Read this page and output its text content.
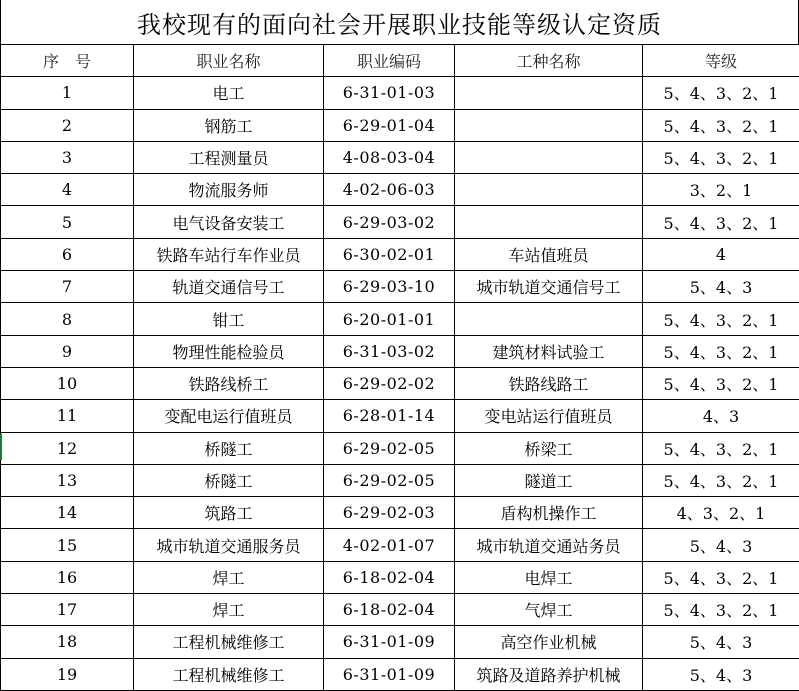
我校现有的面向社会开展职业技能等级认定资质
序　号	职业名称	职业编码	工种名称	等级
1	电工	6-31-01-03		5、4、3、2、1
2	钢筋工	6-29-01-04		5、4、3、2、1
3	工程测量员	4-08-03-04		5、4、3、2、1
4	物流服务师	4-02-06-03		3、2、1
5	电气设备安装工	6-29-03-02		5、4、3、2、1
6	铁路车站行车作业员	6-30-02-01	车站值班员	4
7	轨道交通信号工	6-29-03-10	城市轨道交通信号工	5、4、3
8	钳工	6-20-01-01		5、4、3、2、1
9	物理性能检验员	6-31-03-02	建筑材料试验工	5、4、3、2、1
10	铁路线桥工	6-29-02-02	铁路线路工	5、4、3、2、1
11	变配电运行值班员	6-28-01-14	变电站运行值班员	4、3
12	桥隧工	6-29-02-05	桥梁工	5、4、3、2、1
13	桥隧工	6-29-02-05	隧道工	5、4、3、2、1
14	筑路工	6-29-02-03	盾构机操作工	4、3、2、1
15	城市轨道交通服务员	4-02-01-07	城市轨道交通站务员	5、4、3
16	焊工	6-18-02-04	电焊工	5、4、3、2、1
17	焊工	6-18-02-04	气焊工	5、4、3、2、1
18	工程机械维修工	6-31-01-09	高空作业机械	5、4、3
19	工程机械维修工	6-31-01-09	筑路及道路养护机械	5、4、3
